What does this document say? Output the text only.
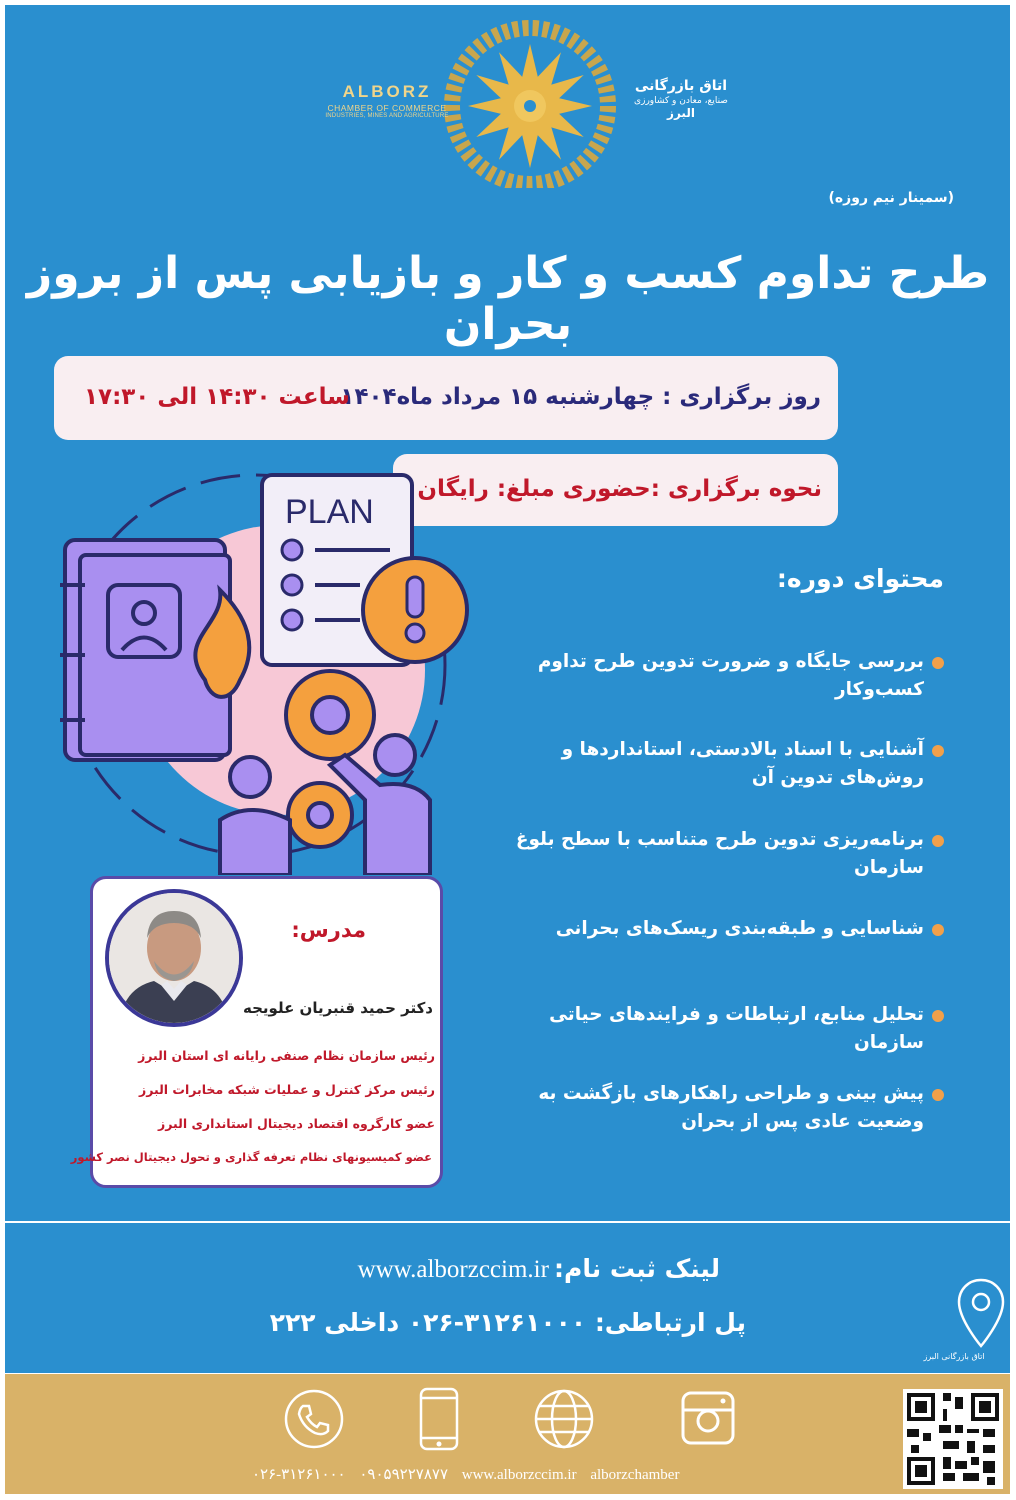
ALBORZ
CHAMBER OF COMMERCE
INDUSTRIES, MINES AND AGRICULTURE
اتاق بازرگانی
صنایع، معادن و کشاورزی
البرز
(سمینار نیم روزه)
طرح تداوم کسب و کار و بازیابی پس از بروز بحران
روز برگزاری : چهارشنبه ۱۵ مرداد ماه۱۴۰۴
ساعت ۱۴:۳۰ الی ۱۷:۳۰
نحوه برگزاری :حضوری مبلغ: رایگان
PLAN
محتوای دوره:
بررسی جایگاه و ضرورت تدوین طرح تداوم کسب‌وکار
آشنایی با اسناد بالادستی، استانداردها و روش‌های تدوین آن
برنامه‌ریزی تدوین طرح متناسب با سطح بلوغ سازمان
شناسایی و طبقه‌بندی ریسک‌های بحرانی
تحلیل منابع، ارتباطات و فرایندهای حیاتی سازمان
پیش بینی و طراحی راهکارهای بازگشت به وضعیت عادی پس از بحران
مدرس:
دکتر حمید قنبریان علویجه
رئیس سازمان نظام صنفی رایانه ای استان البرز
رئیس مرکز کنترل و عملیات شبکه مخابرات البرز
عضو کارگروه اقتصاد دیجیتال استانداری البرز
عضو کمیسیونهای نظام تعرفه گذاری و تحول دیجیتال نصر کشور
لینک ثبت نام: www.alborzccim.ir
پل ارتباطی: ۳۱۲۶۱۰۰۰-۰۲۶ داخلی ۲۲۲
اتاق بازرگانی البرز
۰۲۶-۳۱۲۶۱۰۰۰ ۰۹۰۵۹۲۲۷۸۷۷ www.alborzccim.ir alborzchamber
